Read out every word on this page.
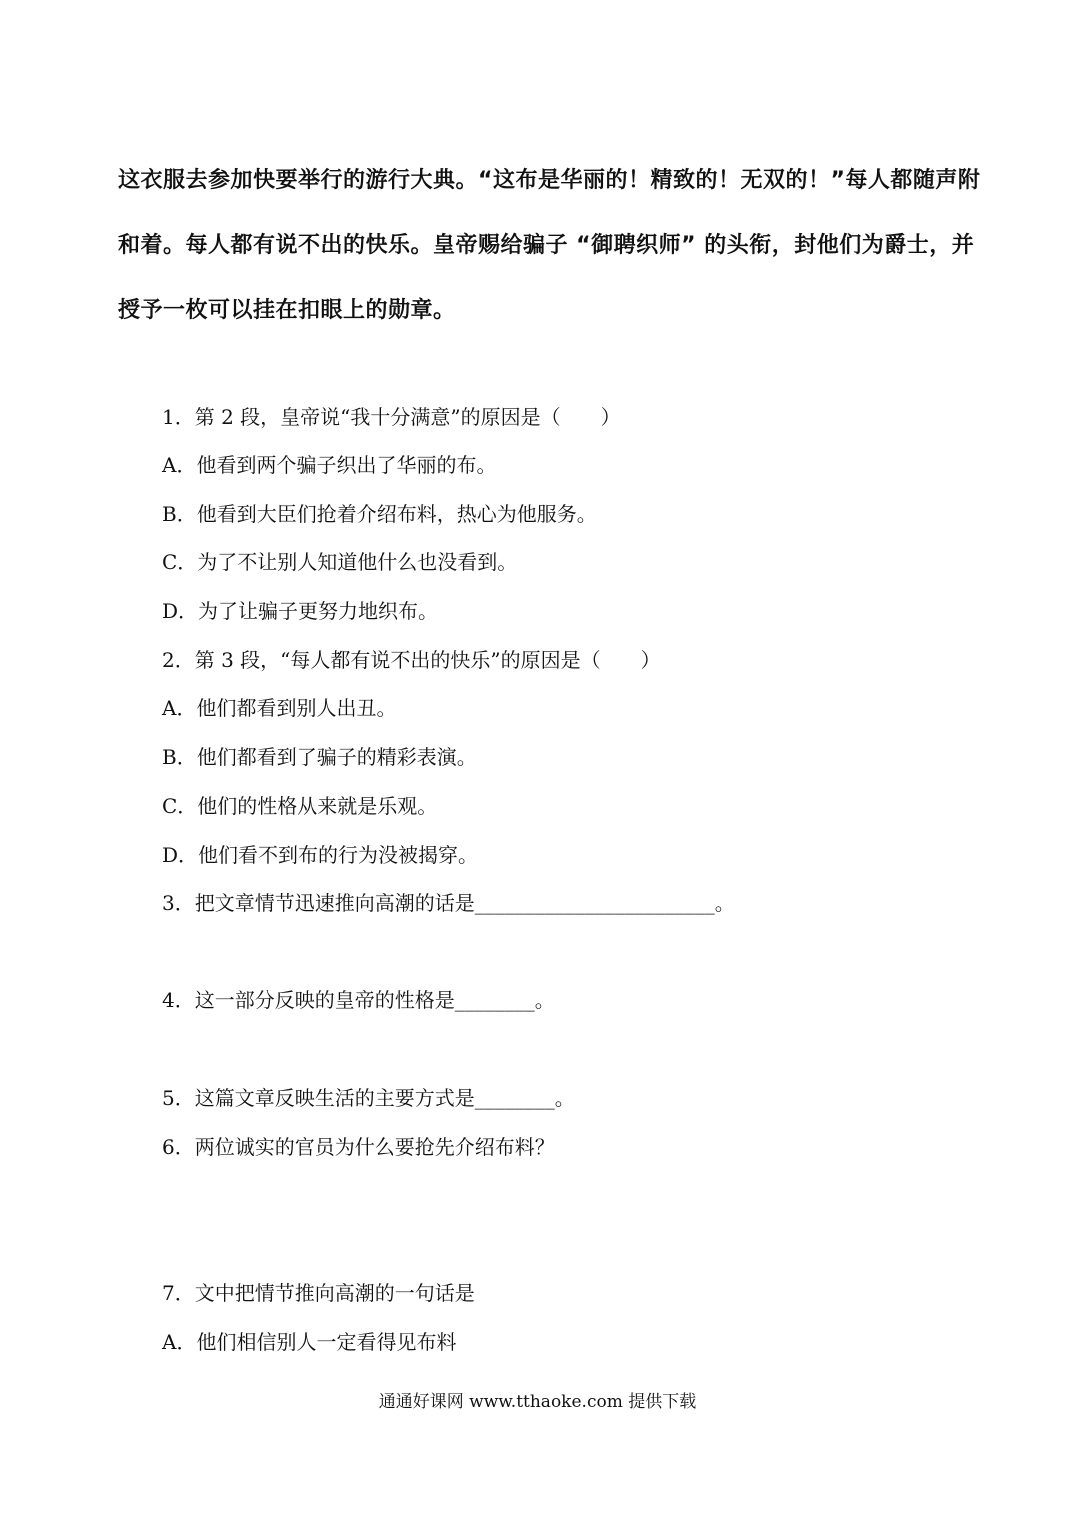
这衣服去参加快要举行的游行大典。“这布是华丽的！精致的！无双的！”每人都随声附
和着。每人都有说不出的快乐。皇帝赐给骗子 “御聘织师” 的头衔，封他们为爵士，并
授予一枚可以挂在扣眼上的勋章。
1．第 2 段，皇帝说“我十分满意”的原因是（　　）
A．他看到两个骗子织出了华丽的布。
B．他看到大臣们抢着介绍布料，热心为他服务。
C．为了不让别人知道他什么也没看到。
D．为了让骗子更努力地织布。
2．第 3 段，“每人都有说不出的快乐”的原因是（　　）
A．他们都看到别人出丑。
B．他们都看到了骗子的精彩表演。
C．他们的性格从来就是乐观。
D．他们看不到布的行为没被揭穿。
3．把文章情节迅速推向高潮的话是________________________。
4．这一部分反映的皇帝的性格是________。
5．这篇文章反映生活的主要方式是________。
6．两位诚实的官员为什么要抢先介绍布料？
7．文中把情节推向高潮的一句话是
A．他们相信别人一定看得见布料
通通好课网 www.tthaoke.com 提供下载
